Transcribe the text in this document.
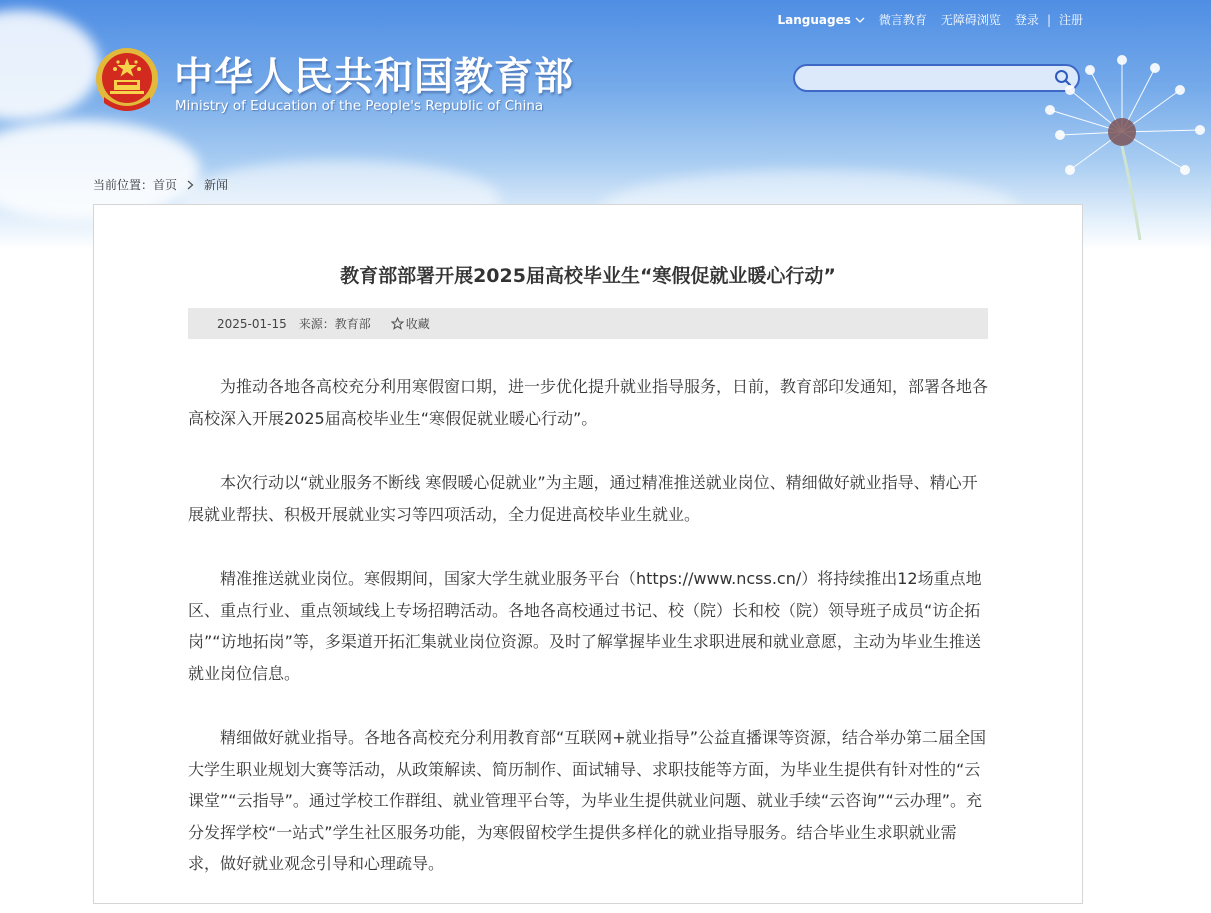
Languages	微言教育 无障碍浏览 登录 | 注册
中华人民共和国教育部
Ministry of Education of the People's Republic of China
当前位置： 首页 新闻
教育部部署开展2025届高校毕业生“寒假促就业暖心行动”
2025-01-15 来源：教育部	收藏

为推动各地各高校充分利用寒假窗口期，进一步优化提升就业指导服务，日前，教育部印发通知，部署各地各高校深入开展2025届高校毕业生“寒假促就业暖心行动”。

本次行动以“就业服务不断线 寒假暖心促就业”为主题，通过精准推送就业岗位、精细做好就业指导、精心开展就业帮扶、积极开展就业实习等四项活动，全力促进高校毕业生就业。

精准推送就业岗位。寒假期间，国家大学生就业服务平台（https://www.ncss.cn/）将持续推出12场重点地区、重点行业、重点领域线上专场招聘活动。各地各高校通过书记、校（院）长和校（院）领导班子成员“访企拓岗”“访地拓岗”等，多渠道开拓汇集就业岗位资源。及时了解掌握毕业生求职进展和就业意愿，主动为毕业生推送就业岗位信息。

精细做好就业指导。各地各高校充分利用教育部“互联网+就业指导”公益直播课等资源，结合举办第二届全国大学生职业规划大赛等活动，从政策解读、简历制作、面试辅导、求职技能等方面，为毕业生提供有针对性的“云课堂”“云指导”。通过学校工作群组、就业管理平台等，为毕业生提供就业问题、就业手续“云咨询”“云办理”。充分发挥学校“一站式”学生社区服务功能，为寒假留校学生提供多样化的就业指导服务。结合毕业生求职就业需求，做好就业观念引导和心理疏导。
